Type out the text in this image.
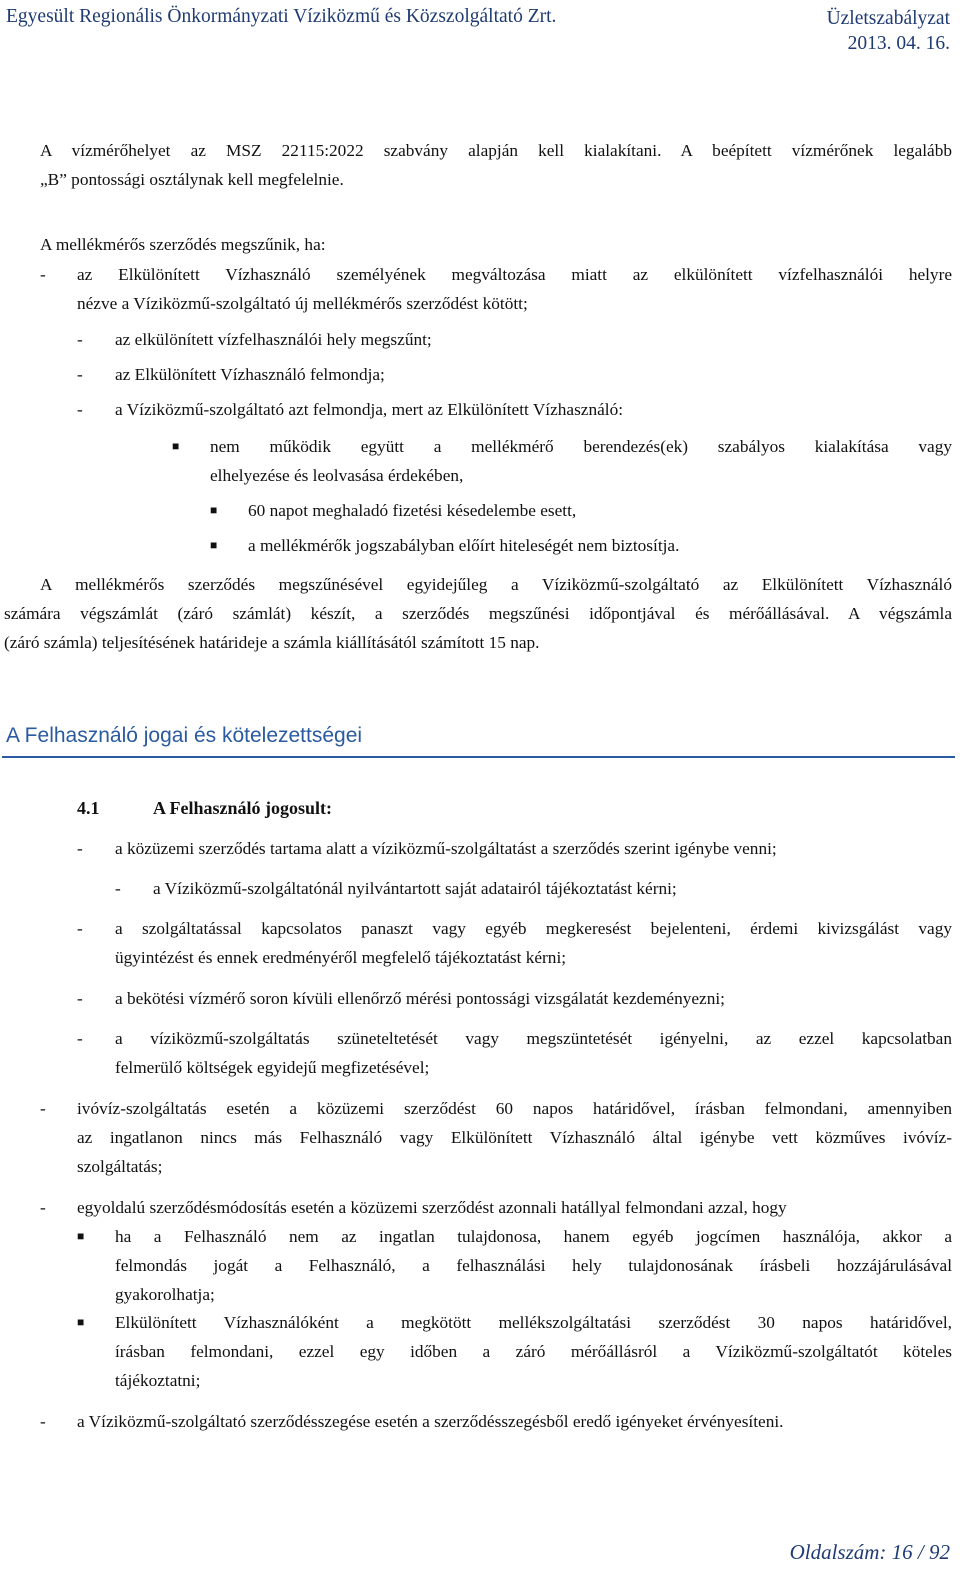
Egyesült Regionális Önkormányzati Víziközmű és Közszolgáltató Zrt.	Üzletszabályzat
2013. 04. 16.
A vízmérőhelyet az MSZ 22115:2022 szabvány alapján kell kialakítani. A beépített vízmérőnek legalább
„B” pontossági osztálynak kell megfelelnie.
A mellékmérős szerződés megszűnik, ha:
- az Elkülönített Vízhasználó személyének megváltozása miatt az elkülönített vízfelhasználói helyre
nézve a Víziközmű-szolgáltató új mellékmérős szerződést kötött;
- az elkülönített vízfelhasználói hely megszűnt;
- az Elkülönített Vízhasználó felmondja;
- a Víziközmű-szolgáltató azt felmondja, mert az Elkülönített Vízhasználó:
■ nem működik együtt a mellékmérő berendezés(ek) szabályos kialakítása vagy
elhelyezése és leolvasása érdekében,
■ 60 napot meghaladó fizetési késedelembe esett,
■ a mellékmérők jogszabályban előírt hiteleségét nem biztosítja.
A mellékmérős szerződés megszűnésével egyidejűleg a Víziközmű-szolgáltató az Elkülönített Vízhasználó
számára végszámlát (záró számlát) készít, a szerződés megszűnési időpontjával és mérőállásával. A végszámla
(záró számla) teljesítésének határideje a számla kiállításától számított 15 nap.
A Felhasználó jogai és kötelezettségei
4.1	A Felhasználó jogosult:
- a közüzemi szerződés tartama alatt a víziközmű-szolgáltatást a szerződés szerint igénybe venni;
- a Víziközmű-szolgáltatónál nyilvántartott saját adatairól tájékoztatást kérni;
- a szolgáltatással kapcsolatos panaszt vagy egyéb megkeresést bejelenteni, érdemi kivizsgálást vagy
ügyintézést és ennek eredményéről megfelelő tájékoztatást kérni;
- a bekötési vízmérő soron kívüli ellenőrző mérési pontossági vizsgálatát kezdeményezni;
- a víziközmű-szolgáltatás szüneteltetését vagy megszüntetését igényelni, az ezzel kapcsolatban
felmerülő költségek egyidejű megfizetésével;
- ivóvíz-szolgáltatás esetén a közüzemi szerződést 60 napos határidővel, írásban felmondani, amennyiben
az ingatlanon nincs más Felhasználó vagy Elkülönített Vízhasználó által igénybe vett közműves ivóvíz-
szolgáltatás;
- egyoldalú szerződésmódosítás esetén a közüzemi szerződést azonnali hatállyal felmondani azzal, hogy
■ ha a Felhasználó nem az ingatlan tulajdonosa, hanem egyéb jogcímen használója, akkor a
felmondás jogát a Felhasználó, a felhasználási hely tulajdonosának írásbeli hozzájárulásával
gyakorolhatja;
■ Elkülönített Vízhasználóként a megkötött mellékszolgáltatási szerződést 30 napos határidővel,
írásban felmondani, ezzel egy időben a záró mérőállásról a Víziközmű-szolgáltatót köteles
tájékoztatni;
- a Víziközmű-szolgáltató szerződésszegése esetén a szerződésszegésből eredő igényeket érvényesíteni.
Oldalszám: 16 / 92
